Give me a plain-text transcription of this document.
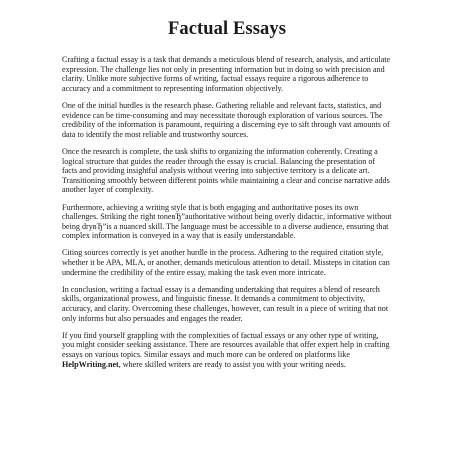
Factual Essays

Crafting a factual essay is a task that demands a meticulous blend of research, analysis, and articulate expression. The challenge lies not only in presenting information but in doing so with precision and clarity. Unlike more subjective forms of writing, factual essays require a rigorous adherence to accuracy and a commitment to representing information objectively.

One of the initial hurdles is the research phase. Gathering reliable and relevant facts, statistics, and evidence can be time-consuming and may necessitate thorough exploration of various sources. The credibility of the information is paramount, requiring a discerning eye to sift through vast amounts of data to identify the most reliable and trustworthy sources.

Once the research is complete, the task shifts to organizing the information coherently. Creating a logical structure that guides the reader through the essay is crucial. Balancing the presentation of facts and providing insightful analysis without veering into subjective territory is a delicate art. Transitioning smoothly between different points while maintaining a clear and concise narrative adds another layer of complexity.

Furthermore, achieving a writing style that is both engaging and authoritative poses its own challenges. Striking the right toneвЂ”authoritative without being overly didactic, informative without being dryвЂ”is a nuanced skill. The language must be accessible to a diverse audience, ensuring that complex information is conveyed in a way that is easily understandable.

Citing sources correctly is yet another hurdle in the process. Adhering to the required citation style, whether it be APA, MLA, or another, demands meticulous attention to detail. Missteps in citation can undermine the credibility of the entire essay, making the task even more intricate.

In conclusion, writing a factual essay is a demanding undertaking that requires a blend of research skills, organizational prowess, and linguistic finesse. It demands a commitment to objectivity, accuracy, and clarity. Overcoming these challenges, however, can result in a piece of writing that not only informs but also persuades and engages the reader.

If you find yourself grappling with the complexities of factual essays or any other type of writing, you might consider seeking assistance. There are resources available that offer expert help in crafting essays on various topics. Similar essays and much more can be ordered on platforms like HelpWriting.net, where skilled writers are ready to assist you with your writing needs.
